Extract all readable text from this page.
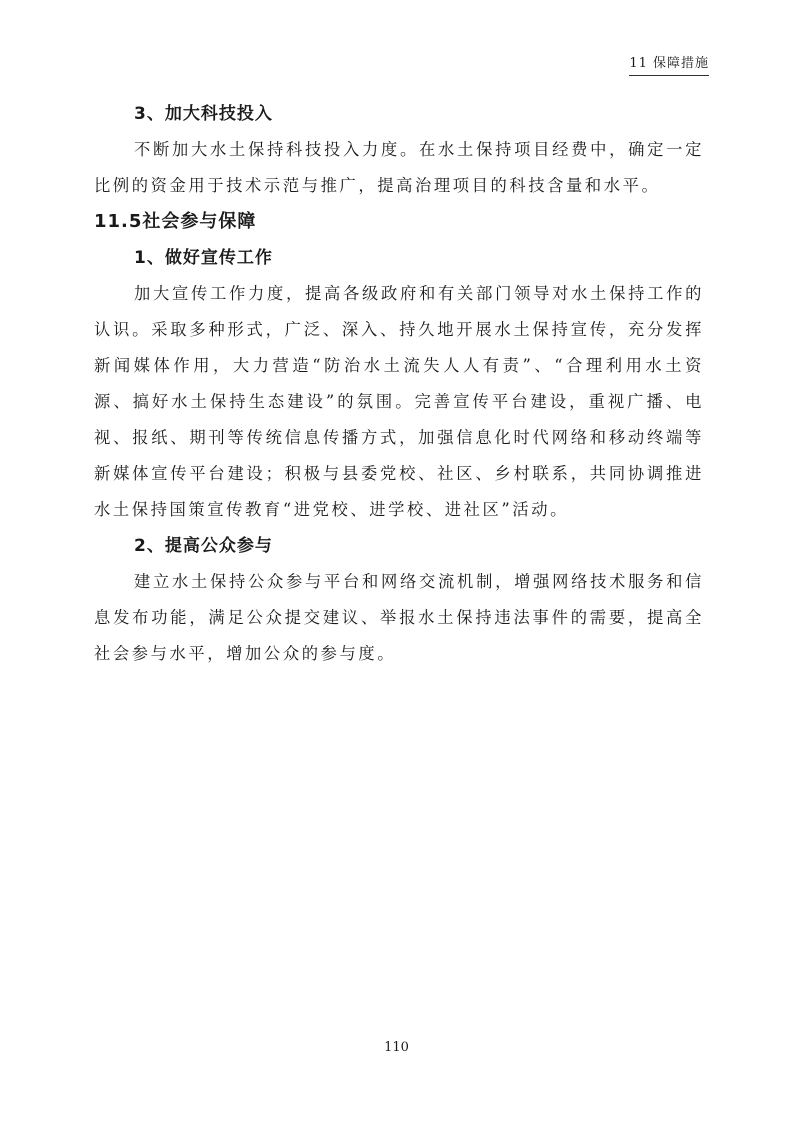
11 保障措施

3、加大科技投入

不断加大水土保持科技投入力度。在水土保持项目经费中，确定一定比例的资金用于技术示范与推广，提高治理项目的科技含量和水平。

11.5社会参与保障

1、做好宣传工作

加大宣传工作力度，提高各级政府和有关部门领导对水土保持工作的认识。采取多种形式，广泛、深入、持久地开展水土保持宣传，充分发挥新闻媒体作用，大力营造“防治水土流失人人有责”、“合理利用水土资源、搞好水土保持生态建设”的氛围。完善宣传平台建设，重视广播、电视、报纸、期刊等传统信息传播方式，加强信息化时代网络和移动终端等新媒体宣传平台建设；积极与县委党校、社区、乡村联系，共同协调推进水土保持国策宣传教育“进党校、进学校、进社区”活动。

2、提高公众参与

建立水土保持公众参与平台和网络交流机制，增强网络技术服务和信息发布功能，满足公众提交建议、举报水土保持违法事件的需要，提高全社会参与水平，增加公众的参与度。

110
